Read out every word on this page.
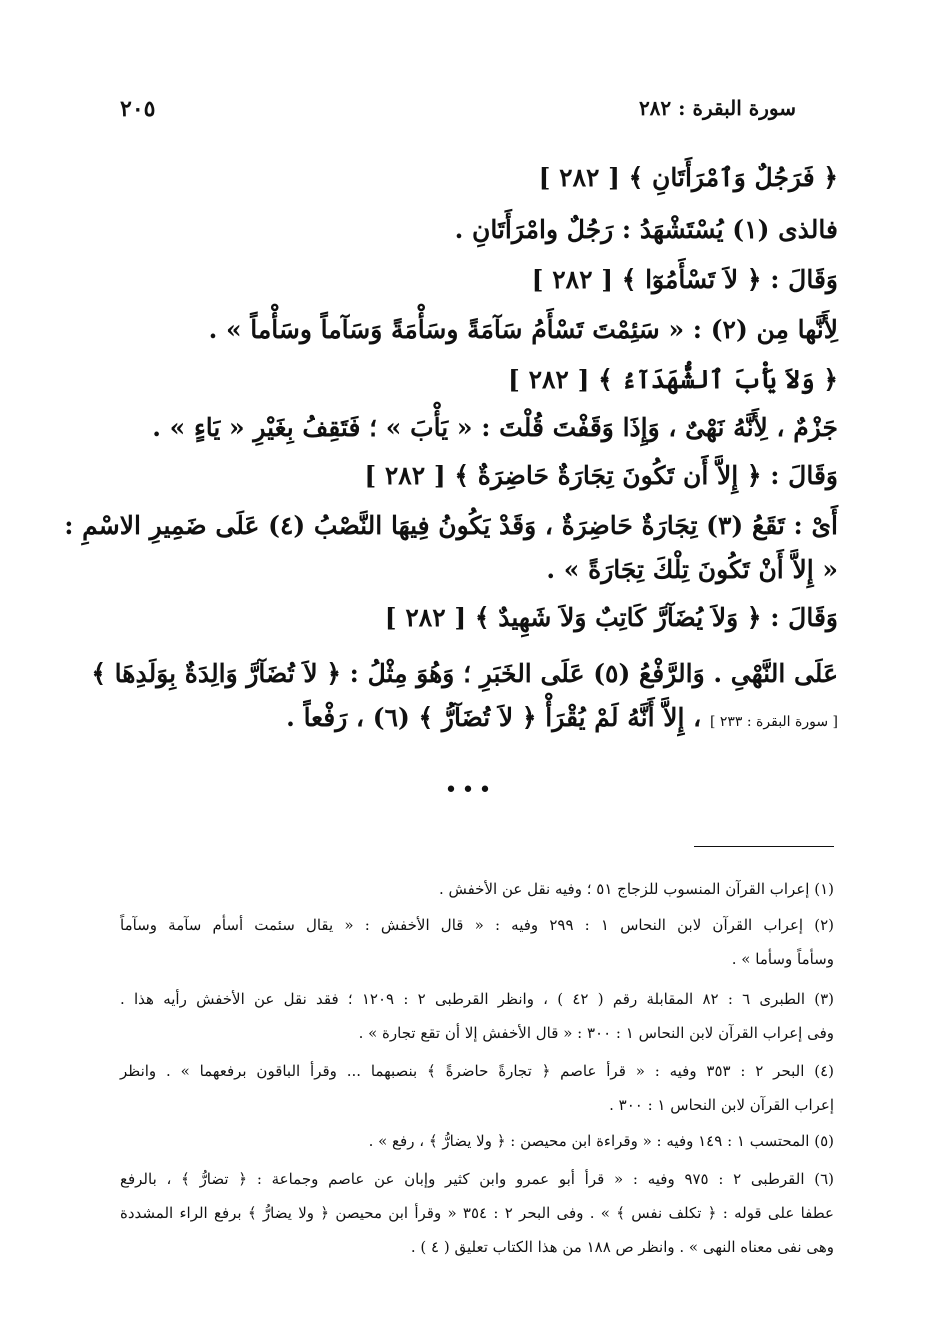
سورة البقرة : ٢٨٢
٢٠٥
﴿ فَرَجُلٌ وَٱمْرَأَتَانِ ﴾ [ ٢٨٢ ]
فالذى (١) يُسْتَشْهَدُ : رَجُلٌ وامْرَأَتَانِ .
وَقَالَ : ﴿ لاَ تَسْأَمُوٓا ﴾ [ ٢٨٢ ]
لِأَنَّها مِن (٢) : « سَئِمْتَ تَسْأَمُ سَآمَةً وسَأْمَةً وَسَآماً وسَأْماً » .
﴿ وَلاَ يَأْبَ ٱلشُّهَدَآءُ ﴾ [ ٢٨٢ ]
جَزْمٌ ، لِأَنَّهُ نَهْىٌ ، وَإِذَا وَقَفْتَ قُلْتَ : « يَأْبَ » ؛ فَتَقِفُ بِغَيْرِ « يَاءٍ » .
وَقَالَ : ﴿ إِلاَّ أَن تَكُونَ تِجَارَةٌ حَاضِرَةٌ ﴾ [ ٢٨٢ ]
أَىْ : تَقَعُ (٣) تِجَارَةٌ حَاضِرَةٌ ، وَقَدْ يَكُونُ فِيهَا النَّصْبُ (٤) عَلَى ضَمِيرِ الاسْمِ :
« إِلاَّ أَنْ تَكُونَ تِلْكَ تِجَارَةً » .
وَقَالَ : ﴿ وَلاَ يُضَآرَّ كَاتِبٌ وَلاَ شَهِيدٌ ﴾ [ ٢٨٢ ]
عَلَى النَّهْىِ . وَالرَّفْعُ (٥) عَلَى الخَبَرِ ؛ وَهُوَ مِثْلُ : ﴿ لاَ تُضَآرَّ وَالِدَةٌ بِوَلَدِهَا ﴾
[ سورة البقرة : ٢٣٣ ] ، إِلاَّ أَنَّهُ لَمْ يُقْرَأْ ﴿ لاَ تُضَآرُّ ﴾ (٦) ، رَفْعاً .
•••
(١) إعراب القرآن المنسوب للزجاج ٥١ ؛ وفيه نقل عن الأخفش .
(٢) إعراب القرآن لابن النحاس ١ : ٢٩٩ وفيه : « قال الأخفش : « يقال سئمت أسأم سآمة وسآماً
وسأماً وسأما » .
(٣) الطبرى ٦ : ٨٢ المقابلة رقم ( ٤٢ ) ، وانظر القرطبى ٢ : ١٢٠٩ ؛ فقد نقل عن الأخفش رأيه هذا .
وفى إعراب القرآن لابن النحاس ١ : ٣٠٠ : « قال الأخفش إلا أن تقع تجارة » .
(٤) البحر ٢ : ٣٥٣ وفيه : « قرأ عاصم ﴿ تجارةً حاضرةً ﴾ بنصبهما ... وقرأ الباقون برفعهما » . وانظر
إعراب القرآن لابن النحاس ١ : ٣٠٠ .
(٥) المحتسب ١ : ١٤٩ وفيه : « وقراءة ابن محيصن : ﴿ ولا يضارُّ ﴾ ، رفع » .
(٦) القرطبى ٢ : ٩٧٥ وفيه : « قرأ أبو عمرو وابن كثير وإبان عن عاصم وجماعة : ﴿ تضارُّ ﴾ ، بالرفع
عطفا على قوله : ﴿ تكلف نفس ﴾ » . وفى البحر ٢ : ٣٥٤ « وقرأ ابن محيصن ﴿ ولا يضارُّ ﴾ برفع الراء المشددة
وهى نفى معناه النهى » . وانظر ص ١٨٨ من هذا الكتاب تعليق ( ٤ ) .
